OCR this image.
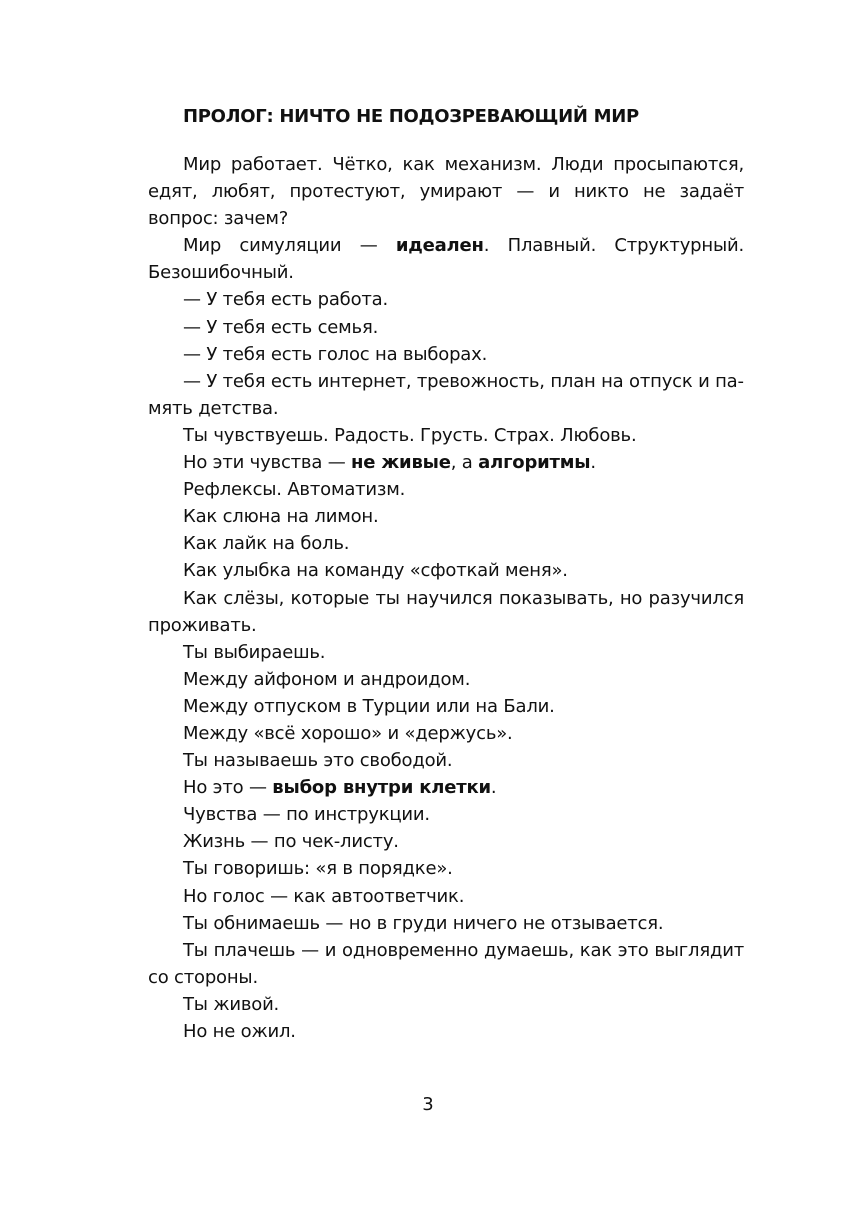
ПРОЛОГ: НИЧТО НЕ ПОДОЗРЕВАЮЩИЙ МИР

Мир работает. Чётко, как механизм. Люди просыпаются, едят, любят, протестуют, умирают — и никто не задаёт вопрос: зачем?

Мир симуляции — идеален. Плавный. Структурный. Безошибочный.

— У тебя есть работа.

— У тебя есть семья.

— У тебя есть голос на выборах.

— У тебя есть интернет, тревожность, план на отпуск и память детства.

Ты чувствуешь. Радость. Грусть. Страх. Любовь.

Но эти чувства — не живые, а алгоритмы.

Рефлексы. Автоматизм.

Как слюна на лимон.

Как лайк на боль.

Как улыбка на команду «сфоткай меня».

Как слёзы, которые ты научился показывать, но разучился проживать.

Ты выбираешь.

Между айфоном и андроидом.

Между отпуском в Турции или на Бали.

Между «всё хорошо» и «держусь».

Ты называешь это свободой.

Но это — выбор внутри клетки.

Чувства — по инструкции.

Жизнь — по чек-листу.

Ты говоришь: «я в порядке».

Но голос — как автоответчик.

Ты обнимаешь — но в груди ничего не отзывается.

Ты плачешь — и одновременно думаешь, как это выглядит со стороны.

Ты живой.

Но не ожил.

3
